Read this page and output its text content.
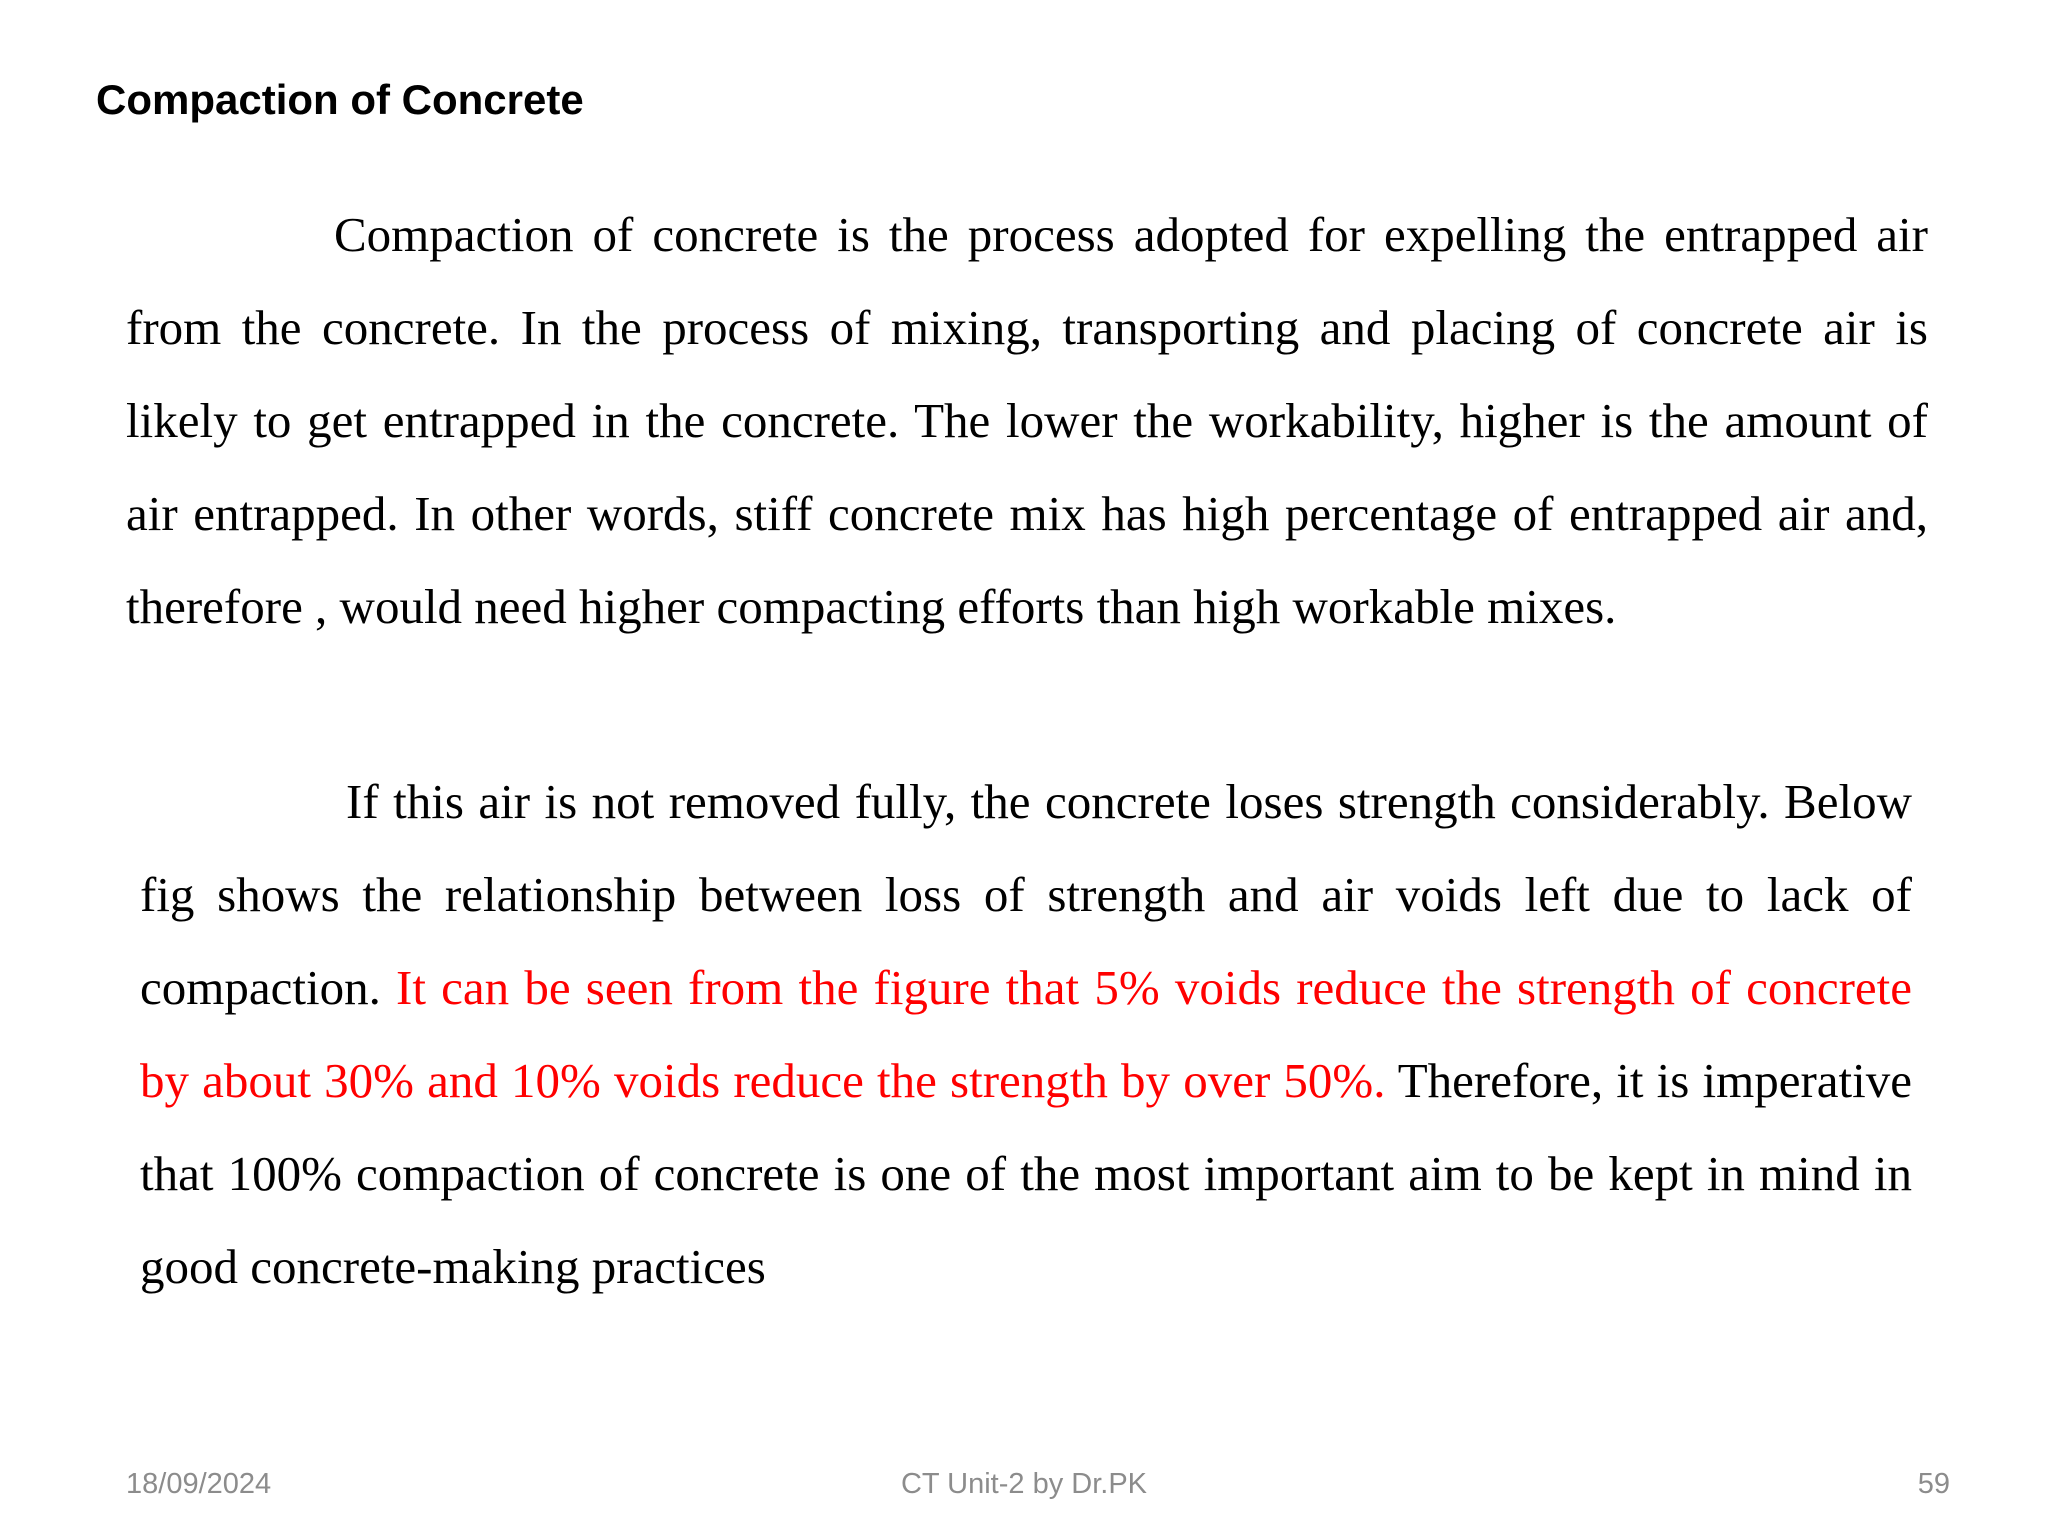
Compaction of Concrete

Compaction of concrete is the process adopted for expelling the entrapped air from the concrete. In the process of mixing, transporting and placing of concrete air is likely to get entrapped in the concrete. The lower the workability, higher is the amount of air entrapped. In other words, stiff concrete mix has high percentage of entrapped air and, therefore , would need higher compacting efforts than high workable mixes.

If this air is not removed fully, the concrete loses strength considerably. Below fig shows the relationship between loss of strength and air voids left due to lack of compaction. It can be seen from the figure that 5% voids reduce the strength of concrete by about 30% and 10% voids reduce the strength by over 50%. Therefore, it is imperative that 100% compaction of concrete is one of the most important aim to be kept in mind in good concrete-making practices

18/09/2024	CT Unit-2 by Dr.PK	59
